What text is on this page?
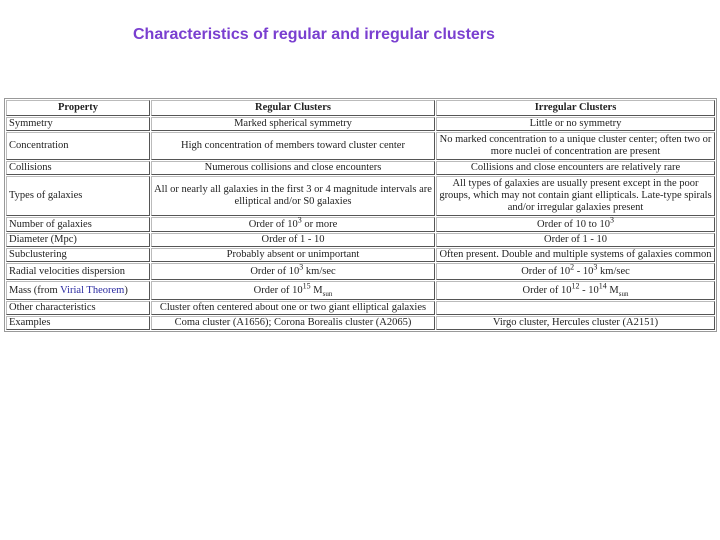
Characteristics of regular and irregular clusters
Property	Regular Clusters	Irregular Clusters
Symmetry	Marked spherical symmetry	Little or no symmetry
Concentration	High concentration of members toward cluster center	No marked concentration to a unique cluster center; often two or more nuclei of concentration are present
Collisions	Numerous collisions and close encounters	Collisions and close encounters are relatively rare
Types of galaxies	All or nearly all galaxies in the first 3 or 4 magnitude intervals are elliptical and/or S0 galaxies	All types of galaxies are usually present except in the poor groups, which may not contain giant ellipticals. Late-type spirals and/or irregular galaxies present
Number of galaxies	Order of $10^3$ or more	Order of 10 to $10^3$
Diameter (Mpc)	Order of 1 - 10	Order of 1 - 10
Subclustering	Probably absent or unimportant	Often present. Double and multiple systems of galaxies common
Radial velocities dispersion	Order of $10^3$ km/sec	Order of $10^2 - 10^3$ km/sec
Mass (from Virial Theorem)	Order of $10^{15}$ $M_{sun}$	Order of $10^{12} - 10^{14}$ $M_{sun}$
Other characteristics	Cluster often centered about one or two giant elliptical galaxies	
Examples	Coma cluster (A1656); Corona Borealis cluster (A2065)	Virgo cluster, Hercules cluster (A2151)
